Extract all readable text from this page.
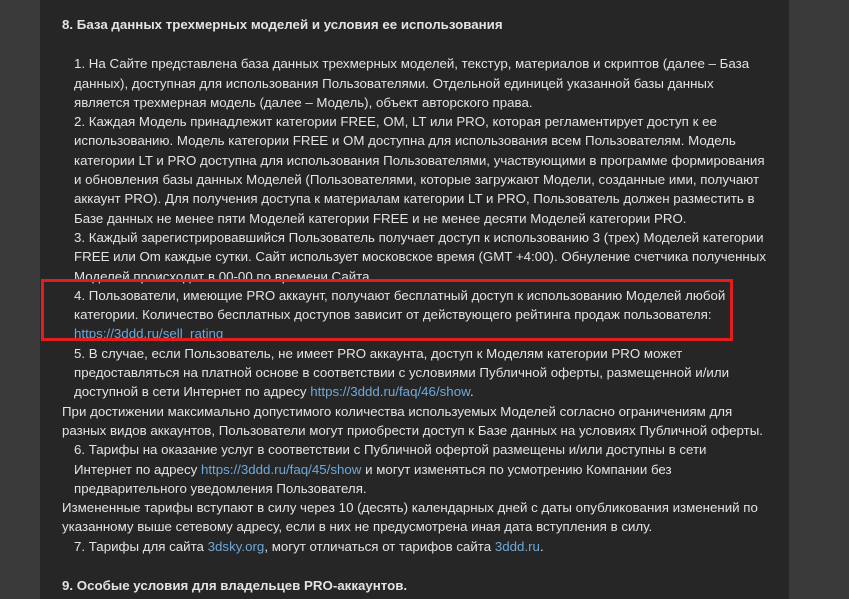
8. База данных трехмерных моделей и условия ее использования

1. На Сайте представлена база данных трехмерных моделей, текстур, материалов и скриптов (далее – База данных), доступная для использования Пользователями. Отдельной единицей указанной базы данных является трехмерная модель (далее – Модель), объект авторского права.

2. Каждая Модель принадлежит категории FREE, OM, LT или PRO, которая регламентирует доступ к ее использованию. Модель категории FREE и OM доступна для использования всем Пользователям. Модель категории LT и PRO доступна для использования Пользователями, участвующими в программе формирования и обновления базы данных Моделей (Пользователями, которые загружают Модели, созданные ими, получают аккаунт PRO). Для получения доступа к материалам категории LT и PRO, Пользователь должен разместить в Базе данных не менее пяти Моделей категории FREE и не менее десяти Моделей категории PRO.

3. Каждый зарегистрировавшийся Пользователь получает доступ к использованию 3 (трех) Моделей категории FREE или Om каждые сутки. Сайт использует московское время (GMT +4:00). Обнуление счетчика полученных Моделей происходит в 00-00 по времени Сайта.

4. Пользователи, имеющие PRO аккаунт, получают бесплатный доступ к использованию Моделей любой категории. Количество бесплатных доступов зависит от действующего рейтинга продаж пользователя:
https://3ddd.ru/sell_rating

5. В случае, если Пользователь, не имеет PRO аккаунта, доступ к Моделям категории PRO может предоставляться на платной основе в соответствии с условиями Публичной оферты, размещенной и/или доступной в сети Интернет по адресу https://3ddd.ru/faq/46/show.

При достижении максимально допустимого количества используемых Моделей согласно ограничениям для разных видов аккаунтов, Пользователи могут приобрести доступ к Базе данных на условиях Публичной оферты.

6. Тарифы на оказание услуг в соответствии с Публичной офертой размещены и/или доступны в сети Интернет по адресу https://3ddd.ru/faq/45/show и могут изменяться по усмотрению Компании без предварительного уведомления Пользователя.

Измененные тарифы вступают в силу через 10 (десять) календарных дней с даты опубликования изменений по указанному выше сетевому адресу, если в них не предусмотрена иная дата вступления в силу.

7. Тарифы для сайта 3dsky.org, могут отличаться от тарифов сайта 3ddd.ru.

9. Особые условия для владельцев PRO-аккаунтов.
